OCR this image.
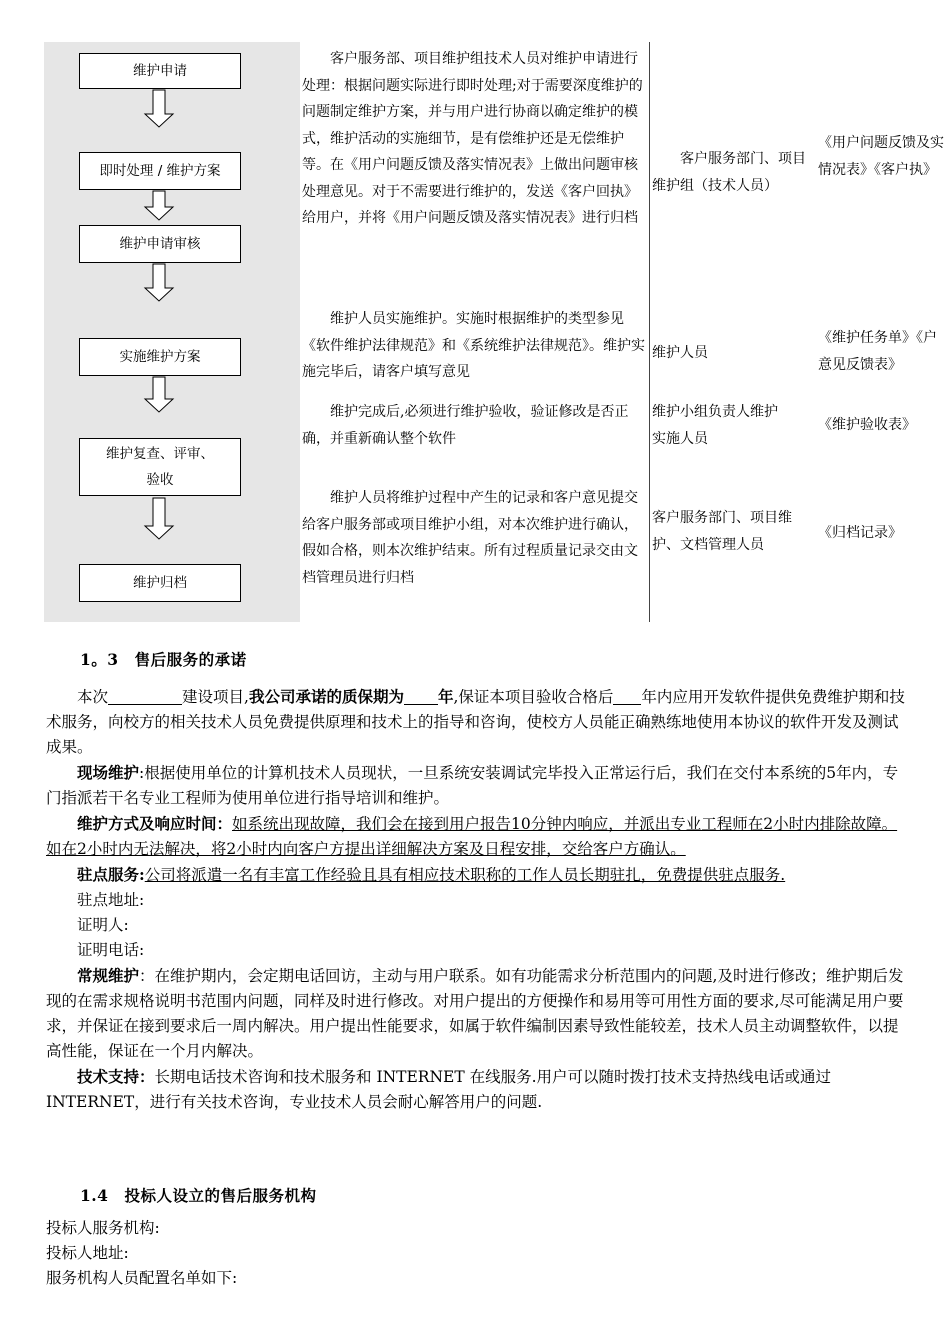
维护申请
即时处理 / 维护方案
维护申请审核
实施维护方案
维护复查、评审、
验收
维护归档

客户服务部、项目维护组技术人员对维护申请进行处理：根据问题实际进行即时处理;对于需要深度维护的问题制定维护方案，并与用户进行协商以确定维护的模式，维护活动的实施细节，是有偿维护还是无偿维护等。在《用户问题反馈及落实情况表》上做出问题审核处理意见。对于不需要进行维护的，发送《客户回执》给用户，并将《用户问题反馈及落实情况表》进行归档

客户服务部门、项目维护组（技术人员）

《用户问题反馈及实情况表》《客户执》

维护人员实施维护。实施时根据维护的类型参见《软件维护法律规范》和《系统维护法律规范》。维护实施完毕后，请客户填写意见

维护人员

《维护任务单》《户意见反馈表》

维护完成后,必须进行维护验收，验证修改是否正确，并重新确认整个软件

维护小组负责人维护实施人员

《维护验收表》

维护人员将维护过程中产生的记录和客户意见提交给客户服务部或项目维护小组，对本次维护进行确认，假如合格，则本次维护结束。所有过程质量记录交由文档管理员进行归档

客户服务部门、项目维护、文档管理人员

《归档记录》

1。3　售后服务的承诺

本次	建设项目,我公司承诺的质保期为 年,保证本项目验收合格后 年内应用开发软件提供免费维护期和技术服务，向校方的相关技术人员免费提供原理和技术上的指导和咨询，使校方人员能正确熟练地使用本协议的软件开发及测试成果。

现场维护:根据使用单位的计算机技术人员现状，一旦系统安装调试完毕投入正常运行后，我们在交付本系统的5年内，专门指派若干名专业工程师为使用单位进行指导培训和维护。

维护方式及响应时间：如系统出现故障，我们会在接到用户报告10分钟内响应，并派出专业工程师在2小时内排除故障。如在2小时内无法解决，将2小时内向客户方提出详细解决方案及日程安排，交给客户方确认。

驻点服务:公司将派遣一名有丰富工作经验且具有相应技术职称的工作人员长期驻扎，免费提供驻点服务.

驻点地址:

证明人:

证明电话:

常规维护：在维护期内，会定期电话回访，主动与用户联系。如有功能需求分析范围内的问题,及时进行修改；维护期后发现的在需求规格说明书范围内问题，同样及时进行修改。对用户提出的方便操作和易用等可用性方面的要求,尽可能满足用户要求，并保证在接到要求后一周内解决。用户提出性能要求，如属于软件编制因素导致性能较差，技术人员主动调整软件，以提高性能，保证在一个月内解决。

技术支持：长期电话技术咨询和技术服务和 INTERNET 在线服务.用户可以随时拨打技术支持热线电话或通过 INTERNET，进行有关技术咨询，专业技术人员会耐心解答用户的问题.

1.4　投标人设立的售后服务机构

投标人服务机构:

投标人地址:

服务机构人员配置名单如下:
